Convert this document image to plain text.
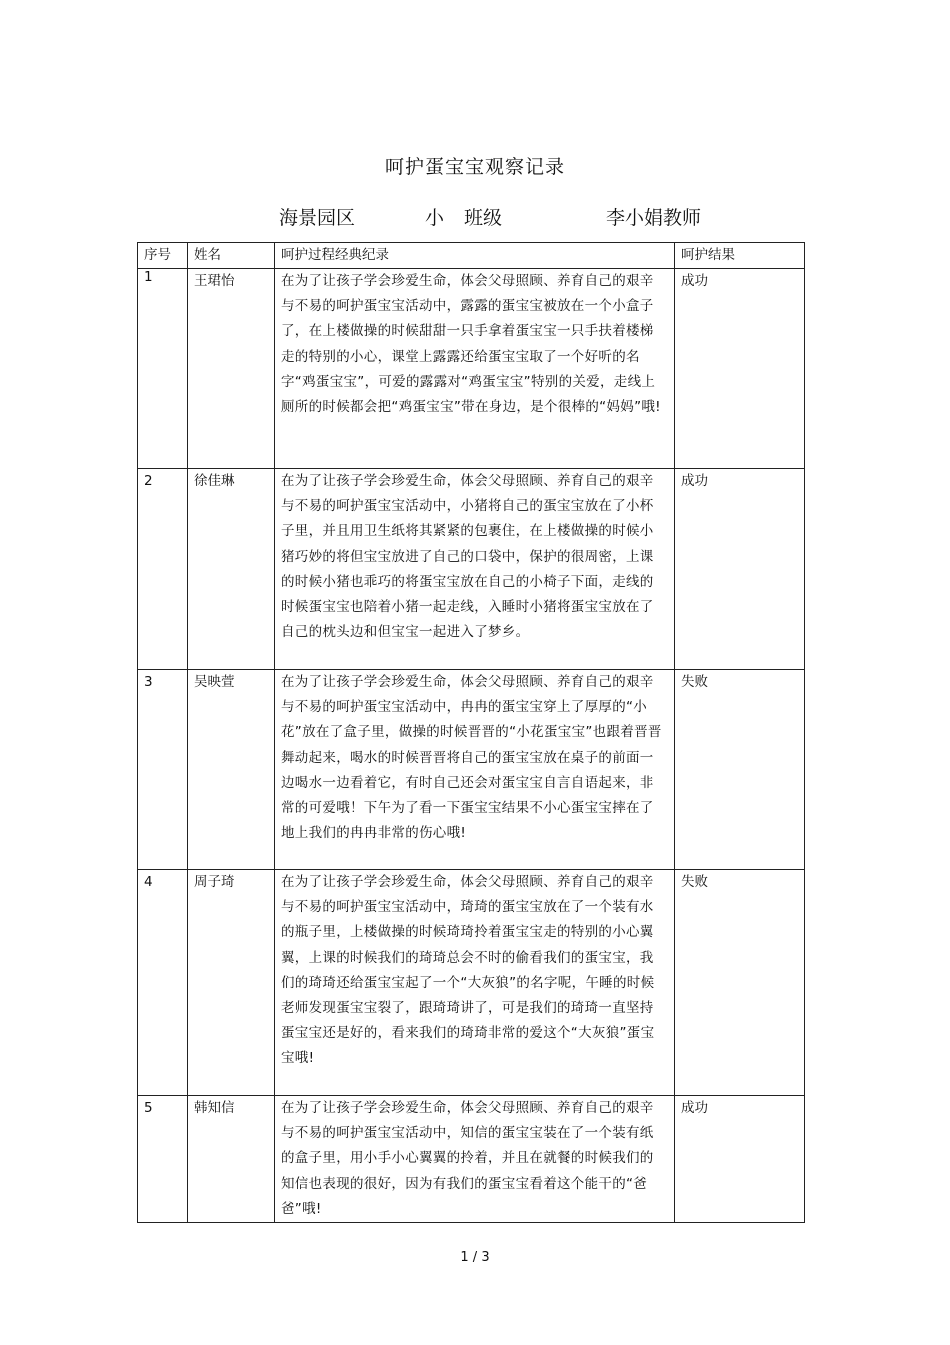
呵护蛋宝宝观察记录
海景园区	小 班级	李小娟教师
序号	姓名	呵护过程经典纪录	呵护结果
1	王珺怡	在为了让孩子学会珍爱生命，体会父母照顾、养育自己的艰辛与不易的呵护蛋宝宝活动中，露露的蛋宝宝被放在一个小盒子了，在上楼做操的时候甜甜一只手拿着蛋宝宝一只手扶着楼梯走的特别的小心，课堂上露露还给蛋宝宝取了一个好听的名字“鸡蛋宝宝”，可爱的露露对“鸡蛋宝宝”特别的关爱，走线上厕所的时候都会把“鸡蛋宝宝”带在身边，是个很棒的“妈妈”哦!	成功
2	徐佳琳	在为了让孩子学会珍爱生命，体会父母照顾、养育自己的艰辛与不易的呵护蛋宝宝活动中，小猪将自己的蛋宝宝放在了小杯子里，并且用卫生纸将其紧紧的包裹住，在上楼做操的时候小猪巧妙的将但宝宝放进了自己的口袋中，保护的很周密，上课的时候小猪也乖巧的将蛋宝宝放在自己的小椅子下面，走线的时候蛋宝宝也陪着小猪一起走线，入睡时小猪将蛋宝宝放在了自己的枕头边和但宝宝一起进入了梦乡。	成功
3	吴映萱	在为了让孩子学会珍爱生命，体会父母照顾、养育自己的艰辛与不易的呵护蛋宝宝活动中，冉冉的蛋宝宝穿上了厚厚的“小花”放在了盒子里，做操的时候晋晋的“小花蛋宝宝”也跟着晋晋舞动起来，喝水的时候晋晋将自己的蛋宝宝放在桌子的前面一边喝水一边看着它，有时自己还会对蛋宝宝自言自语起来，非常的可爱哦！下午为了看一下蛋宝宝结果不小心蛋宝宝摔在了地上我们的冉冉非常的伤心哦!	失败
4	周子琦	在为了让孩子学会珍爱生命，体会父母照顾、养育自己的艰辛与不易的呵护蛋宝宝活动中，琦琦的蛋宝宝放在了一个装有水的瓶子里，上楼做操的时候琦琦拎着蛋宝宝走的特别的小心翼翼，上课的时候我们的琦琦总会不时的偷看我们的蛋宝宝，我们的琦琦还给蛋宝宝起了一个“大灰狼”的名字呢，午睡的时候老师发现蛋宝宝裂了，跟琦琦讲了，可是我们的琦琦一直坚持蛋宝宝还是好的，看来我们的琦琦非常的爱这个“大灰狼”蛋宝宝哦!	失败
5	韩知信	在为了让孩子学会珍爱生命，体会父母照顾、养育自己的艰辛与不易的呵护蛋宝宝活动中，知信的蛋宝宝装在了一个装有纸的盒子里，用小手小心翼翼的拎着，并且在就餐的时候我们的知信也表现的很好，因为有我们的蛋宝宝看着这个能干的“爸爸”哦!	成功
1 / 3
